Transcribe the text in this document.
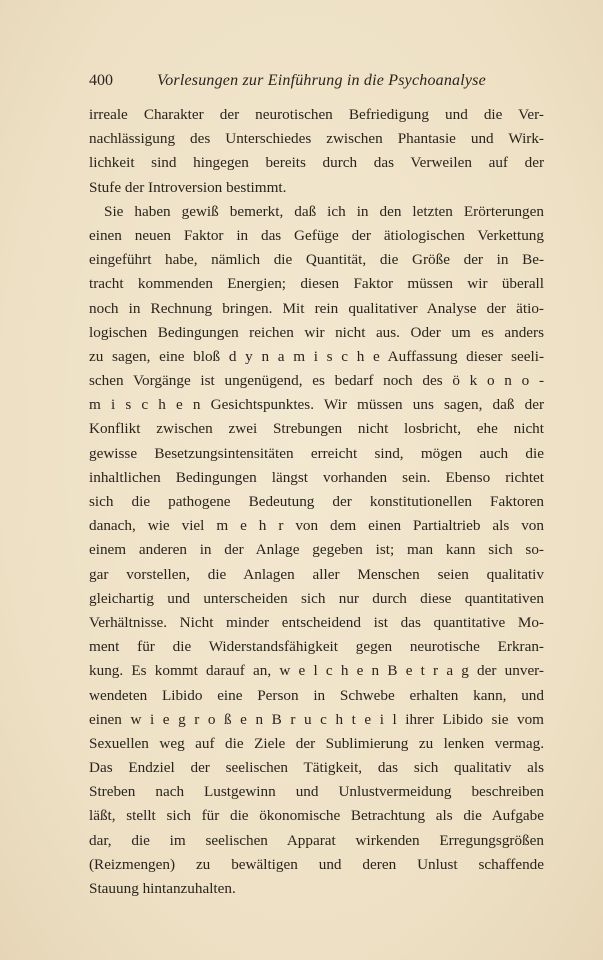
400	Vorlesungen zur Einführung in die Psychoanalyse
irreale Charakter der neurotischen Befriedigung und die Ver-
nachlässigung des Unterschiedes zwischen Phantasie und Wirk-
lichkeit sind hingegen bereits durch das Verweilen auf der
Stufe der Introversion bestimmt.
Sie haben gewiß bemerkt, daß ich in den letzten Erörterungen
einen neuen Faktor in das Gefüge der ätiologischen Verkettung
eingeführt habe, nämlich die Quantität, die Größe der in Be-
tracht kommenden Energien; diesen Faktor müssen wir überall
noch in Rechnung bringen. Mit rein qualitativer Analyse der ätio-
logischen Bedingungen reichen wir nicht aus. Oder um es anders
zu sagen, eine bloß d y n a m i s c h e Auffassung dieser seeli-
schen Vorgänge ist ungenügend, es bedarf noch des ö k o n o -
m i s c h e n Gesichtspunktes. Wir müssen uns sagen, daß der
Konflikt zwischen zwei Strebungen nicht losbricht, ehe nicht
gewisse Besetzungsintensitäten erreicht sind, mögen auch die
inhaltlichen Bedingungen längst vorhanden sein. Ebenso richtet
sich die pathogene Bedeutung der konstitutionellen Faktoren
danach, wie viel m e h r von dem einen Partialtrieb als von
einem anderen in der Anlage gegeben ist; man kann sich so-
gar vorstellen, die Anlagen aller Menschen seien qualitativ
gleichartig und unterscheiden sich nur durch diese quantitativen
Verhältnisse. Nicht minder entscheidend ist das quantitative Mo-
ment für die Widerstandsfähigkeit gegen neurotische Erkran-
kung. Es kommt darauf an, w e l c h e n B e t r a g der unver-
wendeten Libido eine Person in Schwebe erhalten kann, und
einen w i e g r o ß e n B r u c h t e i l ihrer Libido sie vom
Sexuellen weg auf die Ziele der Sublimierung zu lenken vermag.
Das Endziel der seelischen Tätigkeit, das sich qualitativ als
Streben nach Lustgewinn und Unlustvermeidung beschreiben
läßt, stellt sich für die ökonomische Betrachtung als die Aufgabe
dar, die im seelischen Apparat wirkenden Erregungsgrößen
(Reizmengen) zu bewältigen und deren Unlust schaffende
Stauung hintanzuhalten.
